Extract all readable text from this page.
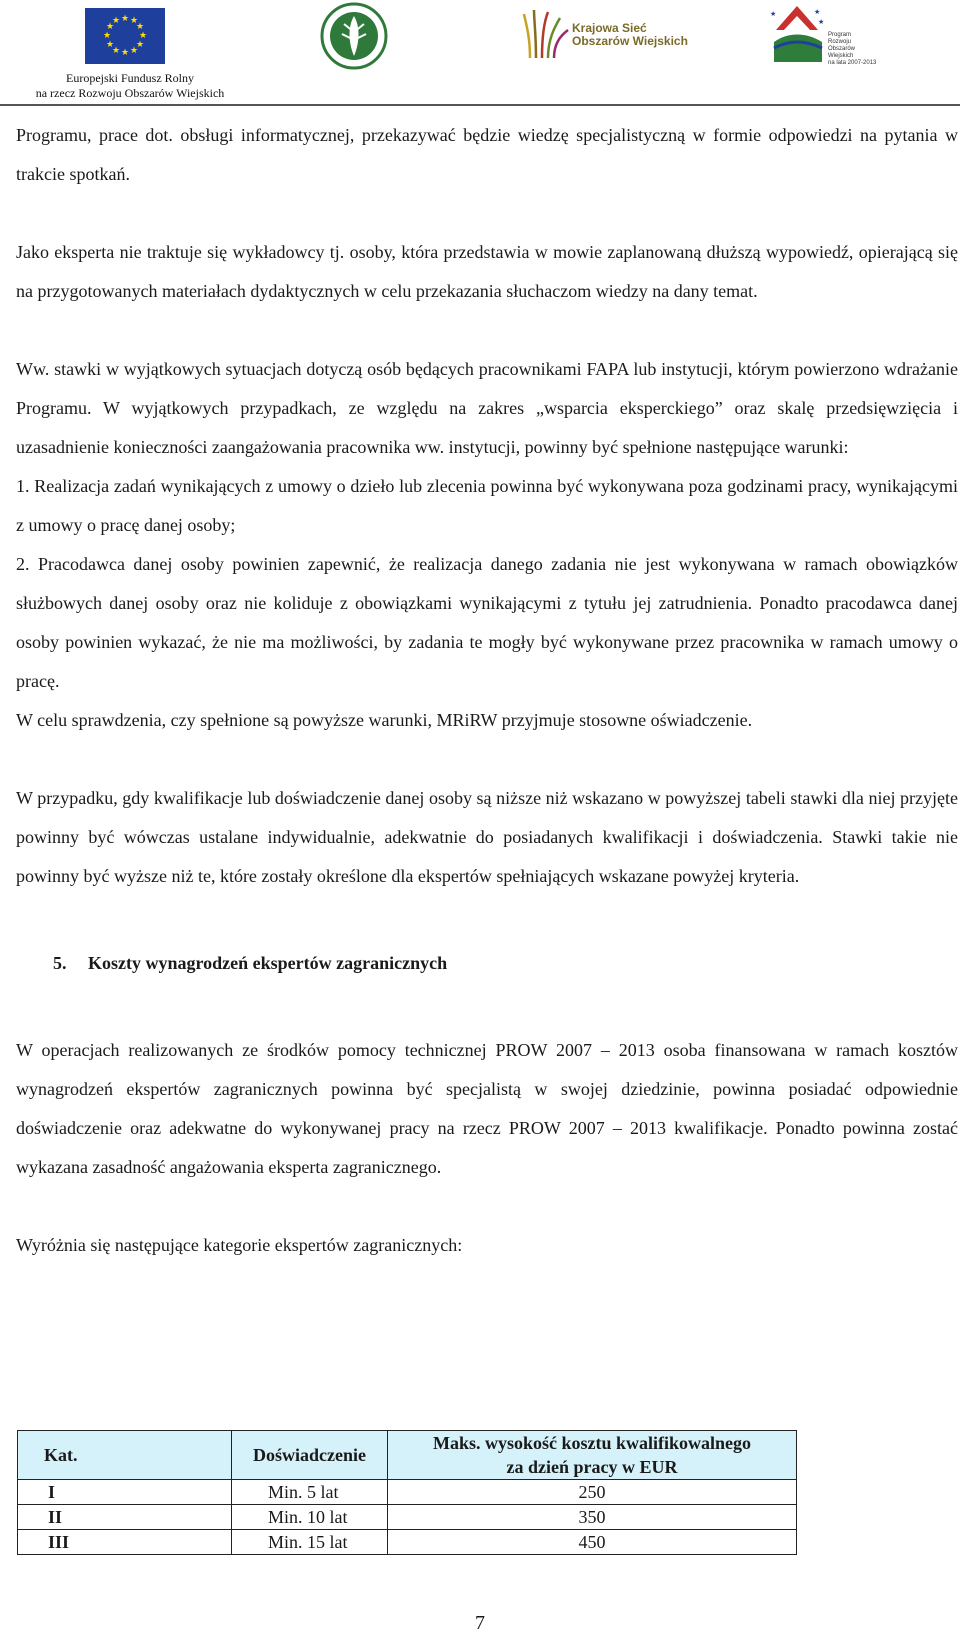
★ ★
★
★
★
★
★
★
★
★
★
★
Europejski Fundusz Rolny
na rzecz Rozwoju Obszarów Wiejskich
Krajowa Sieć
Obszarów Wiejskich
★	★
★
Program
Rozwoju
Obszarów
Wiejskich
na lata 2007-2013

Programu, prace dot. obsługi informatycznej, przekazywać będzie wiedzę specjalistyczną w formie odpowiedzi na pytania w trakcie spotkań.

Jako eksperta nie traktuje się wykładowcy tj. osoby, która przedstawia w mowie zaplanowaną dłuższą wypowiedź, opierającą się na przygotowanych materiałach dydaktycznych w celu przekazania słuchaczom wiedzy na dany temat.

Ww. stawki w wyjątkowych sytuacjach dotyczą osób będących pracownikami FAPA lub instytucji, którym powierzono wdrażanie Programu. W wyjątkowych przypadkach, ze względu na zakres „wsparcia eksperckiego” oraz skalę przedsięwzięcia i uzasadnienie konieczności zaangażowania pracownika ww. instytucji, powinny być spełnione następujące warunki:

1. Realizacja zadań wynikających z umowy o dzieło lub zlecenia powinna być wykonywana poza godzinami pracy, wynikającymi z umowy o pracę danej osoby;

2. Pracodawca danej osoby powinien zapewnić, że realizacja danego zadania nie jest wykonywana w ramach obowiązków służbowych danej osoby oraz nie koliduje z obowiązkami wynikającymi z tytułu jej zatrudnienia. Ponadto pracodawca danej osoby powinien wykazać, że nie ma możliwości, by zadania te mogły być wykonywane przez pracownika w ramach umowy o pracę.

W celu sprawdzenia, czy spełnione są powyższe warunki, MRiRW przyjmuje stosowne oświadczenie.

W przypadku, gdy kwalifikacje lub doświadczenie danej osoby są niższe niż wskazano w powyższej tabeli stawki dla niej przyjęte powinny być wówczas ustalane indywidualnie, adekwatnie do posiadanych kwalifikacji i doświadczenia. Stawki takie nie powinny być wyższe niż te, które zostały określone dla ekspertów spełniających wskazane powyżej kryteria.

5. Koszty wynagrodzeń ekspertów zagranicznych

W operacjach realizowanych ze środków pomocy technicznej PROW 2007 – 2013 osoba finansowana w ramach kosztów wynagrodzeń ekspertów zagranicznych powinna być specjalistą w swojej dziedzinie, powinna posiadać odpowiednie doświadczenie oraz adekwatne do wykonywanej pracy na rzecz PROW 2007 – 2013 kwalifikacje. Ponadto powinna zostać wykazana zasadność angażowania eksperta zagranicznego.

Wyróżnia się następujące kategorie ekspertów zagranicznych:

Kat.	Doświadczenie	Maks. wysokość kosztu kwalifikowalnego
za dzień pracy w EUR

I	Min. 5 lat	250
II	Min. 10 lat	350
III	Min. 15 lat	450
7
